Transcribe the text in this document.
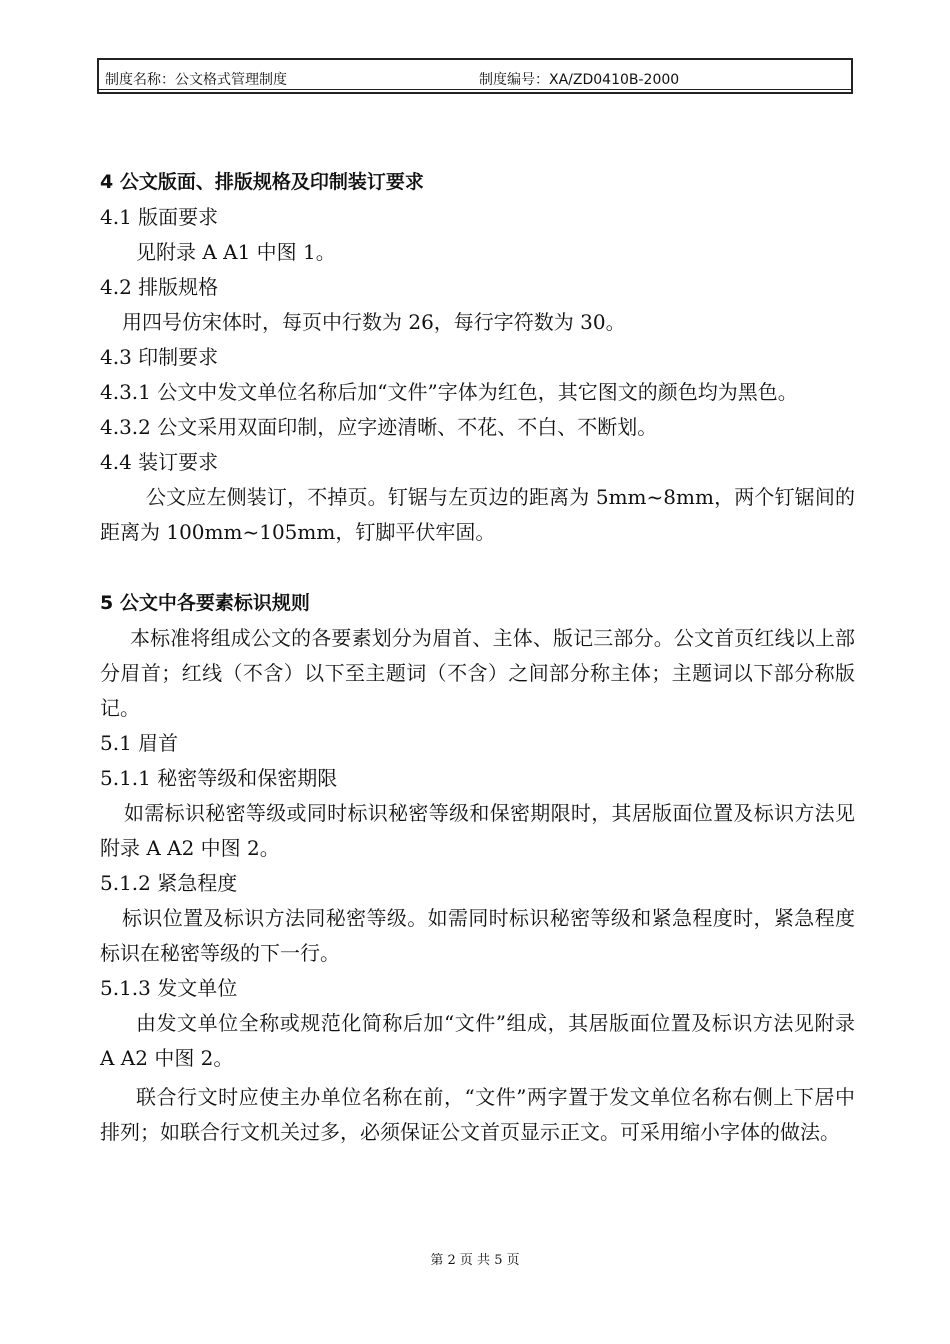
制度名称：公文格式管理制度	制度编号：XA/ZD0410B-2000
4 公文版面、排版规格及印制装订要求
4.1 版面要求
见附录 A A1 中图 1。
4.2 排版规格
用四号仿宋体时，每页中行数为 26，每行字符数为 30。
4.3 印制要求
4.3.1 公文中发文单位名称后加“文件”字体为红色，其它图文的颜色均为黑色。
4.3.2 公文采用双面印制，应字迹清晰、不花、不白、不断划。
4.4 装订要求
公文应左侧装订，不掉页。钉锯与左页边的距离为 5mm~8mm，两个钉锯间的距离为 100mm~105mm，钉脚平伏牢固。
5 公文中各要素标识规则
本标准将组成公文的各要素划分为眉首、主体、版记三部分。公文首页红线以上部分眉首；红线（不含）以下至主题词（不含）之间部分称主体；主题词以下部分称版记。
5.1 眉首
5.1.1 秘密等级和保密期限
如需标识秘密等级或同时标识秘密等级和保密期限时，其居版面位置及标识方法见附录 A A2 中图 2。
5.1.2 紧急程度
标识位置及标识方法同秘密等级。如需同时标识秘密等级和紧急程度时，紧急程度标识在秘密等级的下一行。
5.1.3 发文单位
由发文单位全称或规范化简称后加“文件”组成，其居版面位置及标识方法见附录 A A2 中图 2。
联合行文时应使主办单位名称在前，“文件”两字置于发文单位名称右侧上下居中排列；如联合行文机关过多，必须保证公文首页显示正文。可采用缩小字体的做法。
第 2 页 共 5 页
